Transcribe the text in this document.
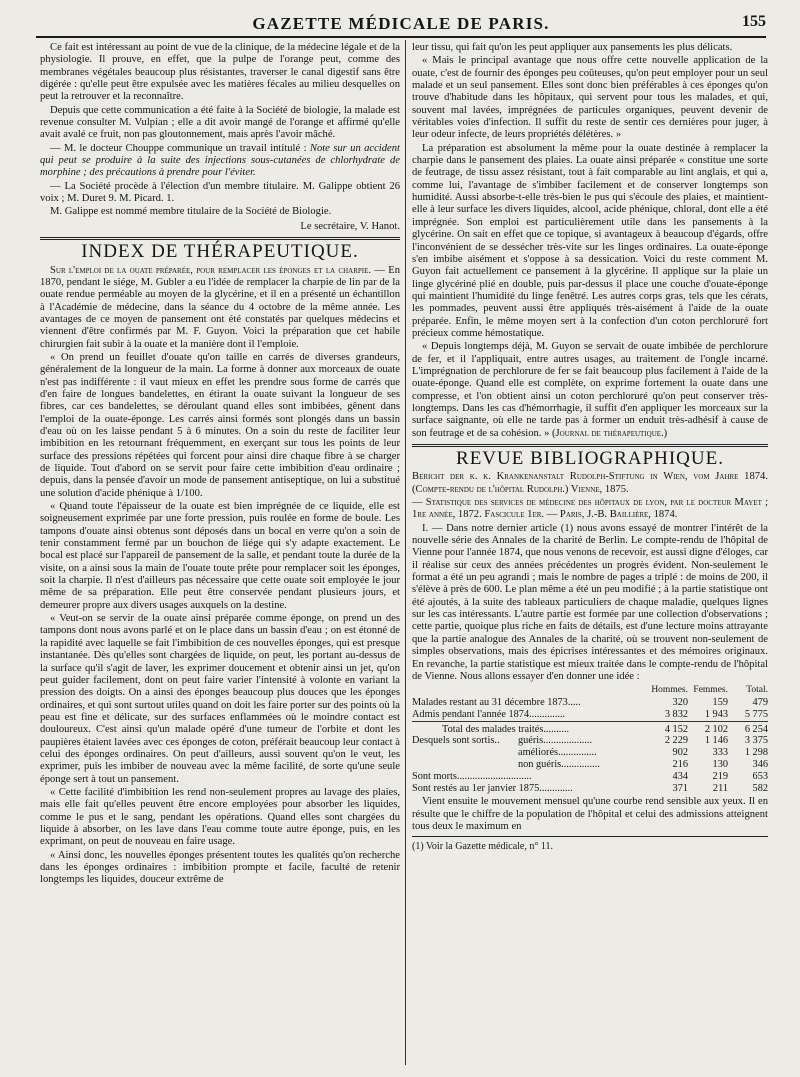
GAZETTE MÉDICALE DE PARIS.	155

Ce fait est intéressant au point de vue de la clinique, de la médecine légale et de la physiologie. Il prouve, en effet, que la pulpe de l'orange peut, comme des membranes végétales beaucoup plus résistantes, traverser le canal digestif sans être digérée : qu'elle peut être expulsée avec les matières fécales au milieu desquelles on peut la retrouver et la reconnaître.

Depuis que cette communication a été faite à la Société de biologie, la malade est revenue consulter M. Vulpian ; elle a dit avoir mangé de l'orange et affirmé qu'elle avait avalé ce fruit, non pas gloutonnement, mais après l'avoir mâché.

— M. le docteur Chouppe communique un travail intitulé : Note sur un accident qui peut se produire à la suite des injections sous-cutanées de chlorhydrate de morphine ; des précautions à prendre pour l'éviter.

— La Société procède à l'élection d'un membre titulaire. M. Galippe obtient 26 voix ; M. Duret 9. M. Picard. 1.

M. Galippe est nommé membre titulaire de la Société de Biologie.

Le secrétaire, V. Hanot.
INDEX DE THÉRAPEUTIQUE.

Sur l'emploi de la ouate préparée, pour remplacer les éponges et la charpie. — En 1870, pendant le siége, M. Gubler a eu l'idée de remplacer la charpie de lin par de la ouate rendue perméable au moyen de la glycérine, et il en a présenté un échantillon à l'Académie de médecine, dans la séance du 4 octobre de la même année. Les avantages de ce moyen de pansement ont été constatés par quelques médecins et viennent d'être confirmés par M. F. Guyon. Voici la préparation que cet habile chirurgien fait subir à la ouate et la manière dont il l'emploie.

« On prend un feuillet d'ouate qu'on taille en carrés de diverses grandeurs, généralement de la longueur de la main. La forme à donner aux morceaux de ouate n'est pas indifférente : il vaut mieux en effet les prendre sous forme de carrés que d'en faire de longues bandelettes, en étirant la ouate suivant la longueur de ses fibres, car ces bandelettes, se déroulant quand elles sont imbibées, gênent dans l'emploi de la ouate-éponge. Les carrés ainsi formés sont plongés dans un bassin d'eau où on les laisse pendant 5 à 6 minutes. On a soin du reste de faciliter leur imbibition en les retournant fréquemment, en exerçant sur tous les points de leur surface des pressions répétées qui forcent pour ainsi dire chaque fibre à se charger de liquide. Tout d'abord on se servit pour faire cette imbibition d'eau ordinaire ; depuis, dans la pensée d'avoir un mode de pansement antiseptique, on lui a substitué une solution d'acide phénique à 1/100.

« Quand toute l'épaisseur de la ouate est bien imprégnée de ce liquide, elle est soigneusement exprimée par une forte pression, puis roulée en forme de boule. Les tampons d'ouate ainsi obtenus sont déposés dans un bocal en verre qu'on a soin de tenir constamment fermé par un bouchon de liége qui s'y adapte exactement. Le bocal est placé sur l'appareil de pansement de la salle, et pendant toute la durée de la visite, on a ainsi sous la main de l'ouate toute prête pour remplacer soit les éponges, soit la charpie. Il n'est d'ailleurs pas nécessaire que cette ouate soit employée le jour même de sa préparation. Elle peut être conservée pendant plusieurs jours, et demeurer propre aux divers usages auxquels on la destine.

« Veut-on se servir de la ouate ainsi préparée comme éponge, on prend un des tampons dont nous avons parlé et on le place dans un bassin d'eau ; on est étonné de la rapidité avec laquelle se fait l'imbibition de ces nouvelles éponges, qui est presque instantanée. Dès qu'elles sont chargées de liquide, on peut, les portant au-dessus de la surface qu'il s'agit de laver, les exprimer doucement et obtenir ainsi un jet, qu'on peut guider facilement, dont on peut faire varier l'intensité à volonte en variant la pression des doigts. On a ainsi des éponges beaucoup plus douces que les éponges ordinaires, et qui sont surtout utiles quand on doit les faire porter sur des points où la peau est fine et délicate, sur des surfaces enflammées où le moindre contact est douloureux. C'est ainsi qu'un malade opéré d'une tumeur de l'orbite et dont les paupières étaient lavées avec ces éponges de coton, préférait beaucoup leur contact à celui des éponges ordinaires. On peut d'ailleurs, aussi souvent qu'on le veut, les exprimer, puis les imbiber de nouveau avec la même facilité, de sorte qu'une seule éponge sert à tout un pansement.

« Cette facilité d'imbibition les rend non-seulement propres au lavage des plaies, mais elle fait qu'elles peuvent être encore employées pour absorber les liquides, comme le pus et le sang, pendant les opérations. Quand elles sont chargées du liquide à absorber, on les lave dans l'eau comme toute autre éponge, puis, en les exprimant, on peut de nouveau en faire usage.

« Ainsi donc, les nouvelles éponges présentent toutes les qualités qu'on recherche dans les éponges ordinaires : imbibition prompte et facile, faculté de retenir longtemps les liquides, douceur extrême de

leur tissu, qui fait qu'on les peut appliquer aux pansements les plus délicats.

« Mais le principal avantage que nous offre cette nouvelle application de la ouate, c'est de fournir des éponges peu coûteuses, qu'on peut employer pour un seul malade et un seul pansement. Elles sont donc bien préférables à ces éponges qu'on trouve d'habitude dans les hôpitaux, qui servent pour tous les malades, et qui, souvent mal lavées, imprégnées de particules organiques, peuvent devenir de véritables voies d'infection. Il suffit du reste de sentir ces dernières pour juger, à leur odeur infecte, de leurs propriétés délétères. »

La préparation est absolument la même pour la ouate destinée à remplacer la charpie dans le pansement des plaies. La ouate ainsi préparée « constitue une sorte de feutrage, de tissu assez résistant, tout à fait comparable au lint anglais, et qui a, comme lui, l'avantage de s'imbiber facilement et de conserver longtemps son humidité. Aussi absorbe-t-elle très-bien le pus qui s'écoule des plaies, et maintient-elle à leur surface les divers liquides, alcool, acide phénique, chloral, dont elle a été imprégnée. Son emploi est particulièrement utile dans les pansements à la glycérine. On sait en effet que ce topique, si avantageux à beaucoup d'égards, offre l'inconvénient de se dessécher très-vite sur les linges ordinaires. La ouate-éponge s'en imbibe aisément et s'oppose à sa dessication. Voici du reste comment M. Guyon fait actuellement ce pansement à la glycérine. Il applique sur la plaie un linge glycériné plié en double, puis par-dessus il place une couche d'ouate-éponge qui maintient l'humidité du linge fenêtré. Les autres corps gras, tels que les cérats, les pommades, peuvent aussi être appliqués très-aisément à l'aide de la ouate préparée. Enfin, le même moyen sert à la confection d'un coton perchloruré fort précieux comme hémostatique.

« Depuis longtemps déjà, M. Guyon se servait de ouate imbibée de perchlorure de fer, et il l'appliquait, entre autres usages, au traitement de l'ongle incarné. L'imprégnation de perchlorure de fer se fait beaucoup plus facilement à l'aide de la ouate-éponge. Quand elle est complète, on exprime fortement la ouate dans une compresse, et l'on obtient ainsi un coton perchloruré qu'on peut conserver très-longtemps. Dans les cas d'hémorrhagie, il suffit d'en appliquer les morceaux sur la surface saignante, où elle ne tarde pas à former un enduit très-adhésif à cause de son feutrage et de sa cohésion. » (Journal de thérapeutique.)

REVUE BIBLIOGRAPHIQUE.

Bericht der k. k. Krankenanstalt Rudolph-Stiftung in Wien, vom Jahre 1874. (Compte-rendu de l'hôpital Rudolph.) Vienne, 1875.

— Statistique des services de médecine des hôpitaux de lyon, par le docteur Mayet ; 1re année, 1872. Fascicule 1er. — Paris, J.-B. Baillière, 1874.

I. — Dans notre dernier article (1) nous avons essayé de montrer l'intérêt de la nouvelle série des Annales de la charité de Berlin. Le compte-rendu de l'hôpital de Vienne pour l'année 1874, que nous venons de recevoir, est aussi digne d'éloges, car il réalise sur ceux des années précédentes un progrès évident. Non-seulement le format a été un peu agrandi ; mais le nombre de pages a triplé : de moins de 200, il s'élève à près de 600. Le plan même a été un peu modifié ; à la partie statistique ont été ajoutés, à la suite des tableaux particuliers de chaque maladie, quelques lignes sur les cas intéressants. L'autre partie est formée par une collection d'observations ; cette partie, quoique plus riche en faits de détails, est d'une lecture moins attrayante que la partie analogue des Annales de la charité, où se trouvent non-seulement de simples observations, mais des épicrises intéressantes et des mémoires originaux. En revanche, la partie statistique est mieux traitée dans le compte-rendu de l'hôpital de Vienne. Nous allons essayer d'en donner une idée :

	Hommes.	Femmes.	Total.
Malades restant au 31 décembre 1873.....	320	159	479
Admis pendant l'année 1874..............	3 832	1 943	5 775

Total des malades traités..........	4 152	2 102	6 254
Desquels sont sortis.. guéris...................	2 229	1 146	3 375
améliorés...............	902	333	1 298
non guéris...............	216	130	346
Sont morts.............................	434	219	653
Sont restés au 1er janvier 1875.............	371	211	582

Vient ensuite le mouvement mensuel qu'une courbe rend sensible aux yeux. Il en résulte que le chiffre de la population de l'hôpital et celui des admissions atteignent tous deux le maximum en

(1) Voir la Gazette médicale, n° 11.
